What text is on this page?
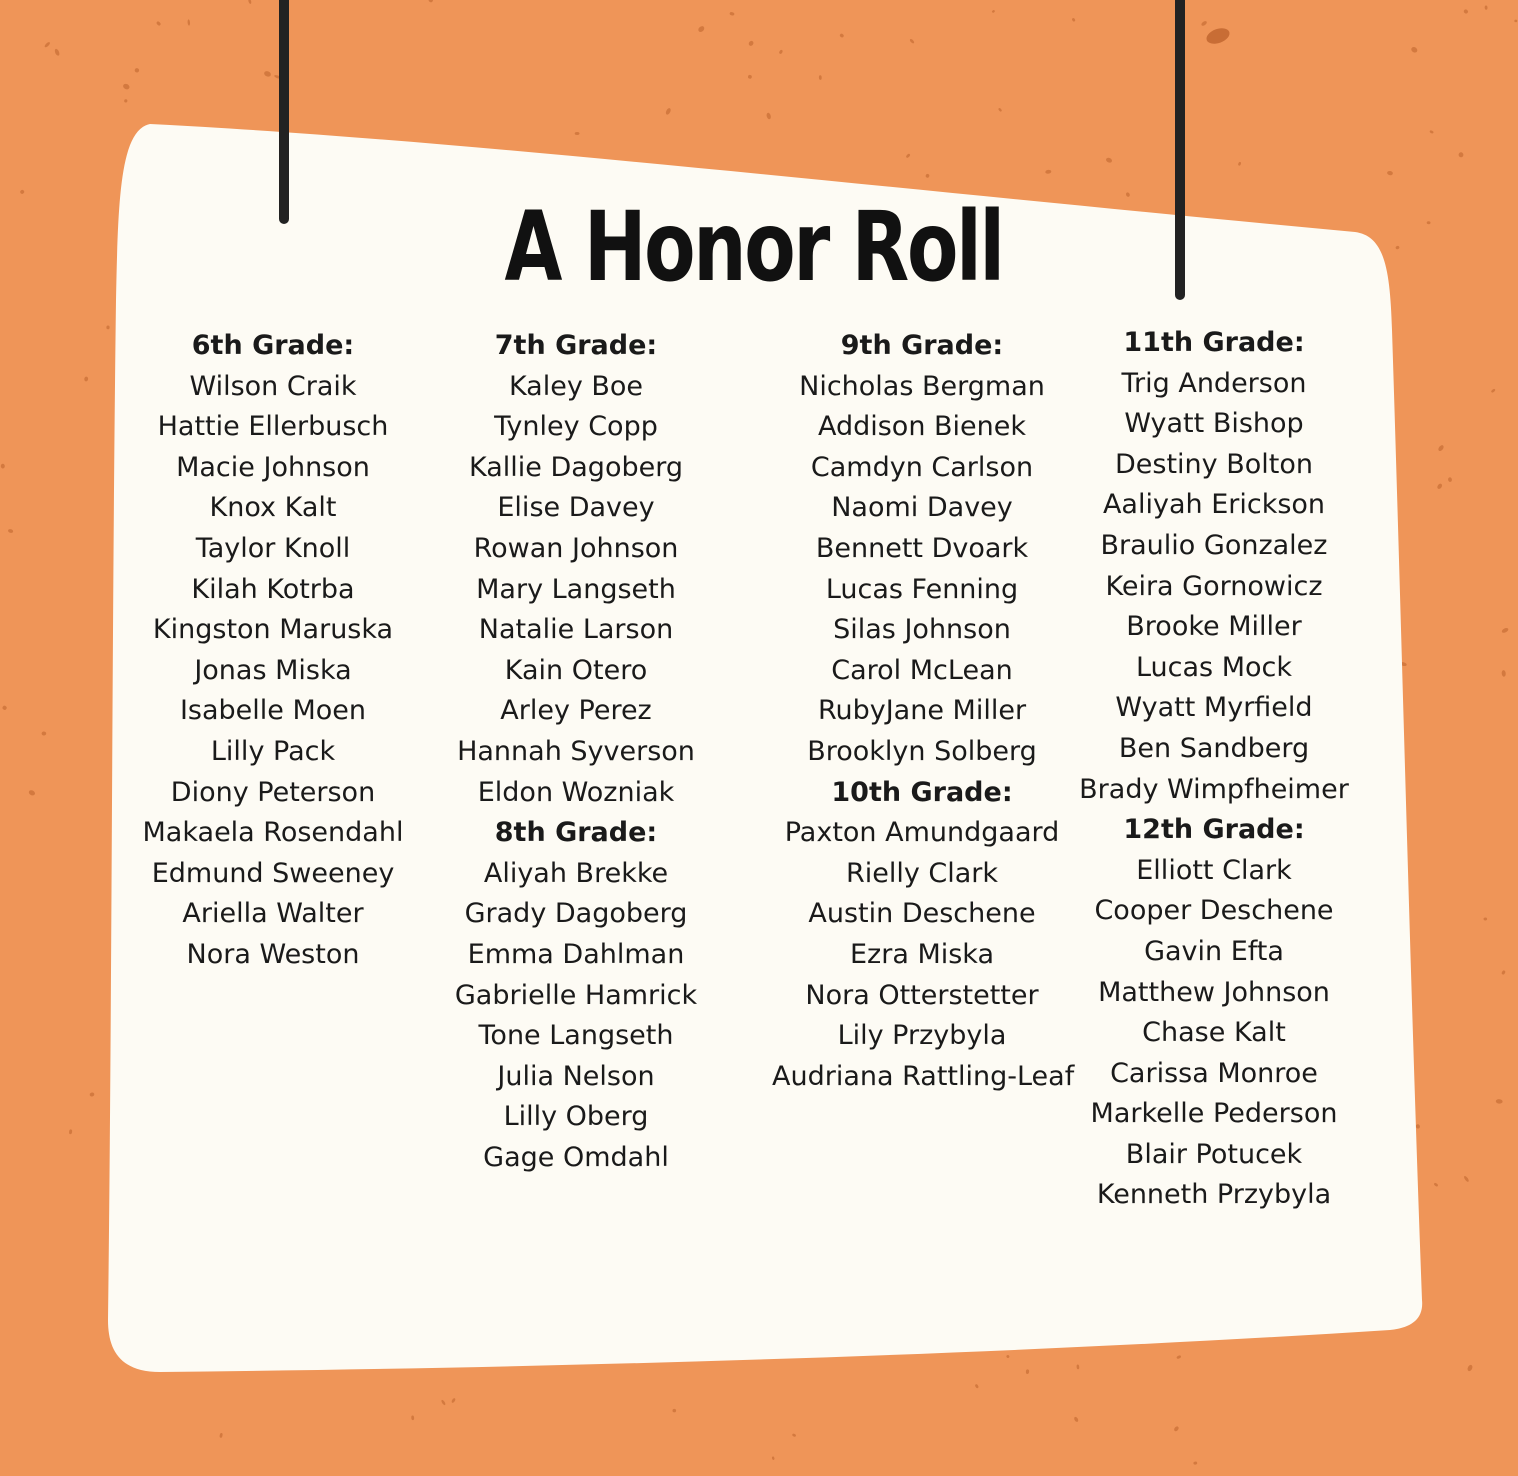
A Honor Roll
6th Grade:
Wilson Craik
Hattie Ellerbusch
Macie Johnson
Knox Kalt
Taylor Knoll
Kilah Kotrba
Kingston Maruska
Jonas Miska
Isabelle Moen
Lilly Pack
Diony Peterson
Makaela Rosendahl
Edmund Sweeney
Ariella Walter
Nora Weston
7th Grade:
Kaley Boe
Tynley Copp
Kallie Dagoberg
Elise Davey
Rowan Johnson
Mary Langseth
Natalie Larson
Kain Otero
Arley Perez
Hannah Syverson
Eldon Wozniak
8th Grade:
Aliyah Brekke
Grady Dagoberg
Emma Dahlman
Gabrielle Hamrick
Tone Langseth
Julia Nelson
Lilly Oberg
Gage Omdahl
9th Grade:
Nicholas Bergman
Addison Bienek
Camdyn Carlson
Naomi Davey
Bennett Dvoark
Lucas Fenning
Silas Johnson
Carol McLean
RubyJane Miller
Brooklyn Solberg
10th Grade:
Paxton Amundgaard
Rielly Clark
Austin Deschene
Ezra Miska
Nora Otterstetter
Lily Przybyla
Audriana Rattling-Leaf
11th Grade:
Trig Anderson
Wyatt Bishop
Destiny Bolton
Aaliyah Erickson
Braulio Gonzalez
Keira Gornowicz
Brooke Miller
Lucas Mock
Wyatt Myrfield
Ben Sandberg
Brady Wimpfheimer
12th Grade:
Elliott Clark
Cooper Deschene
Gavin Efta
Matthew Johnson
Chase Kalt
Carissa Monroe
Markelle Pederson
Blair Potucek
Kenneth Przybyla
